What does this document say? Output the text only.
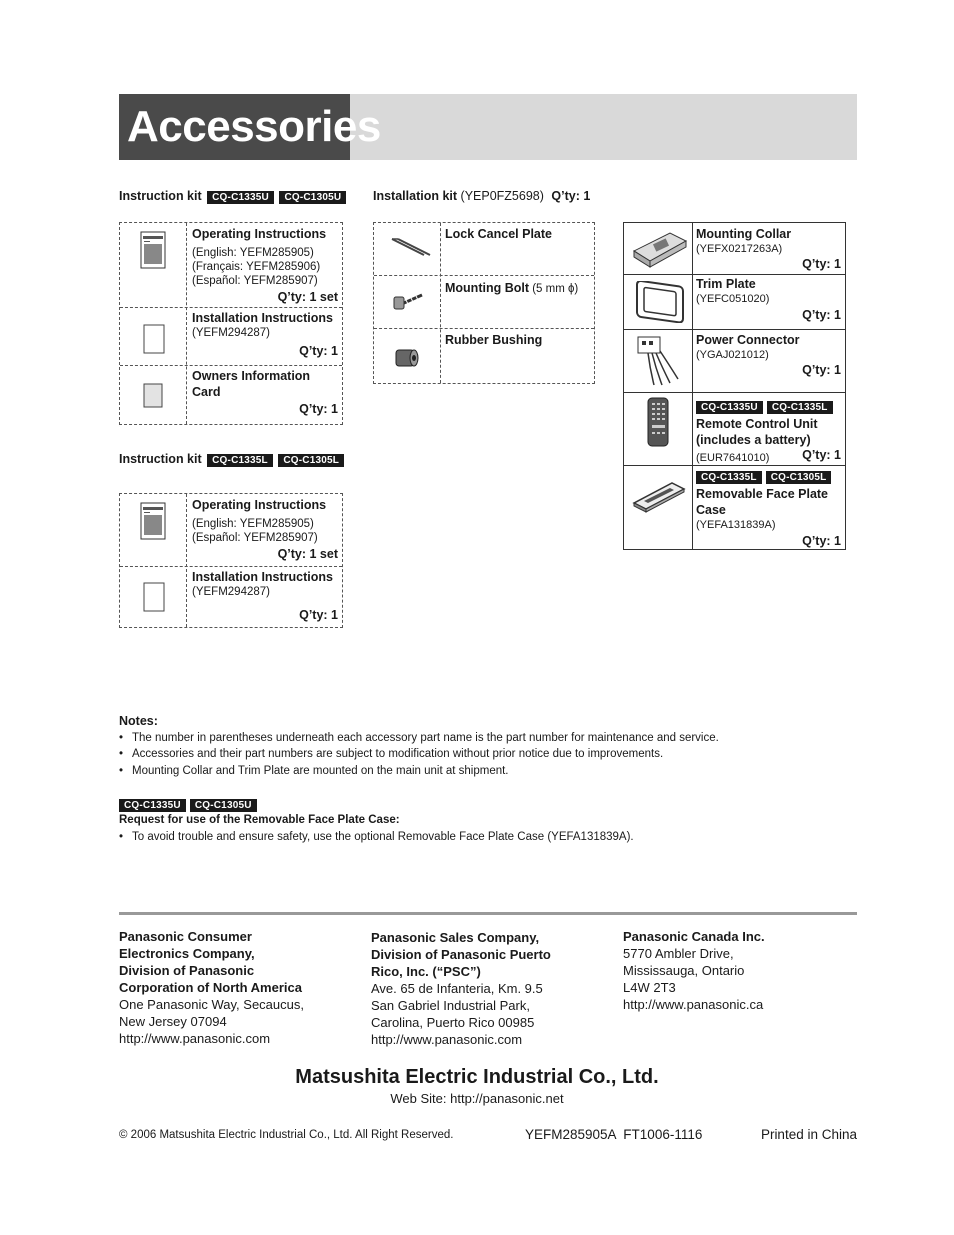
Accessories
Instruction kit CQ-C1335U CQ-C1305U
Operating Instructions
(English: YEFM285905)
(Français: YEFM285906)
(Español: YEFM285907)
Q’ty: 1 set
Installation Instructions
(YEFM294287)
Q’ty: 1
Owners Information Card
Q’ty: 1
Instruction kit CQ-C1335L CQ-C1305L
Operating Instructions
(English: YEFM285905)
(Español: YEFM285907)
Q’ty: 1 set
Installation Instructions
(YEFM294287)
Q’ty: 1
Installation kit (YEP0FZ5698) Q’ty: 1
Lock Cancel Plate
Mounting Bolt (5 mm ϕ)
Rubber Bushing
Mounting Collar
(YEFX0217263A)
Q’ty: 1
Trim Plate
(YEFC051020)
Q’ty: 1
Power Connector
(YGAJ021012)
Q’ty: 1
CQ-C1335U CQ-C1335L
Remote Control Unit (includes a battery)
(EUR7641010)	Q’ty: 1
CQ-C1335L CQ-C1305L
Removable Face Plate Case
(YEFA131839A)
Q’ty: 1
Notes:
• The number in parentheses underneath each accessory part name is the part number for maintenance and service.
• Accessories and their part numbers are subject to modification without prior notice due to improvements.
• Mounting Collar and Trim Plate are mounted on the main unit at shipment.
CQ-C1335U CQ-C1305U
Request for use of the Removable Face Plate Case:
• To avoid trouble and ensure safety, use the optional Removable Face Plate Case (YEFA131839A).
Panasonic Consumer
Electronics Company,
Division of Panasonic
Corporation of North America
One Panasonic Way, Secaucus,
New Jersey 07094
http://www.panasonic.com
Panasonic Sales Company,
Division of Panasonic Puerto
Rico, Inc. (“PSC”)
Ave. 65 de Infanteria, Km. 9.5
San Gabriel Industrial Park,
Carolina, Puerto Rico 00985
http://www.panasonic.com
Panasonic Canada Inc.
5770 Ambler Drive,
Mississauga, Ontario
L4W 2T3
http://www.panasonic.ca
Matsushita Electric Industrial Co., Ltd.
Web Site: http://panasonic.net
© 2006 Matsushita Electric Industrial Co., Ltd. All Right Reserved.	YEFM285905A  FT1006-1116	Printed in China
